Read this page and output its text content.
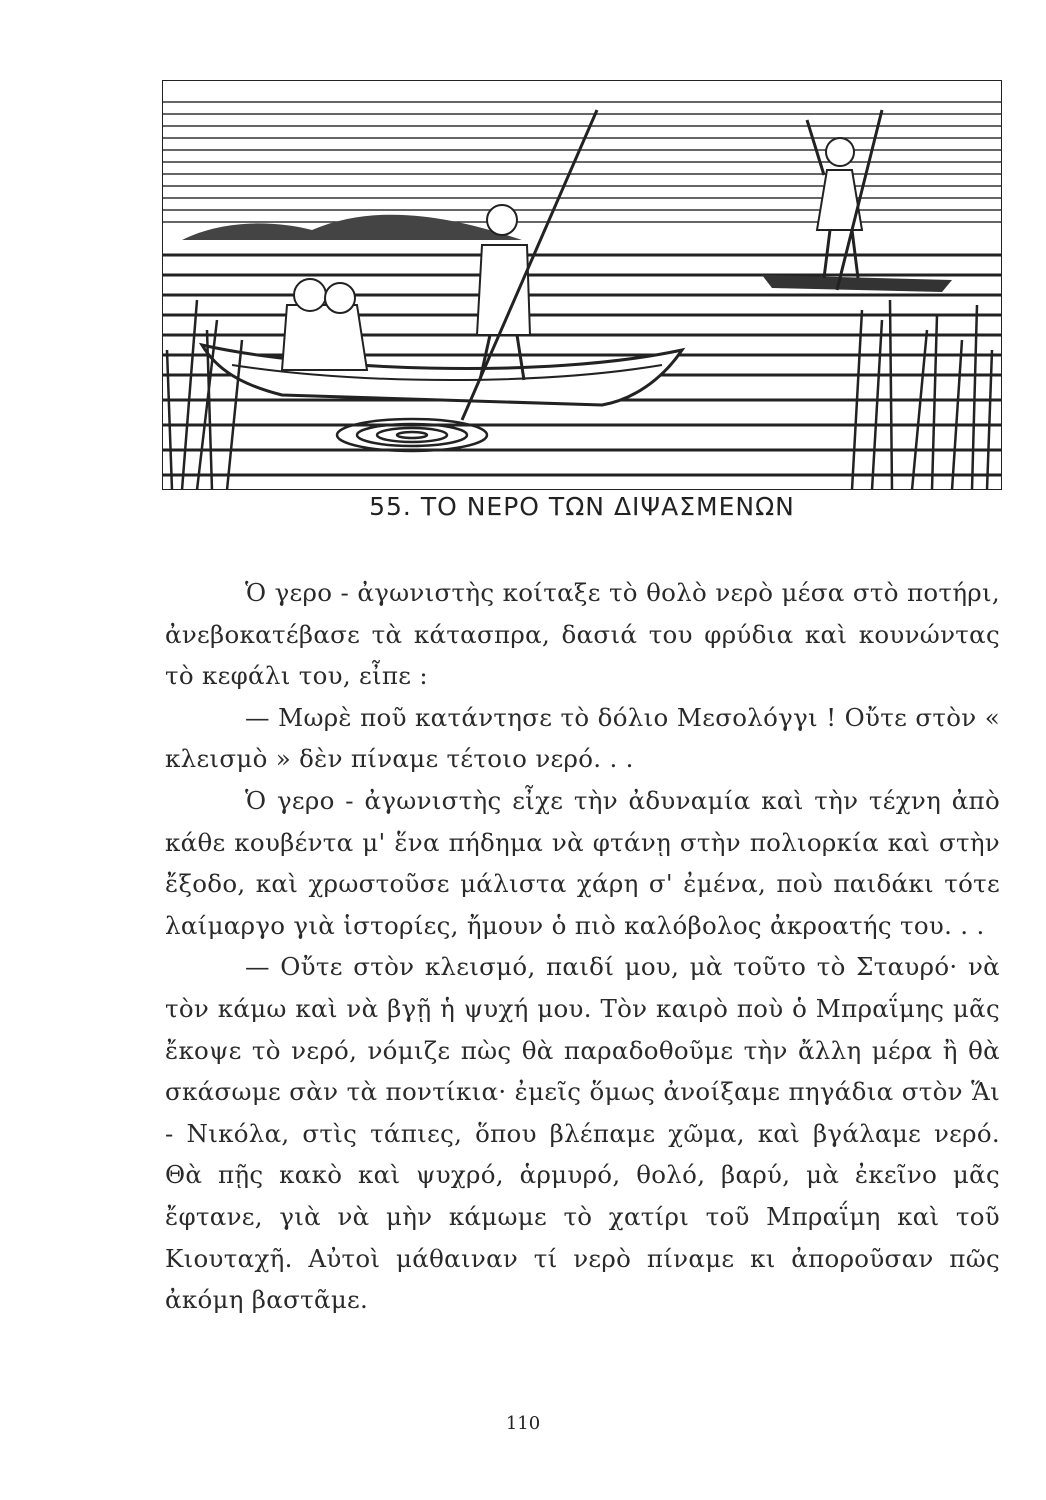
55. ΤΟ ΝΕΡΟ ΤΩΝ ΔΙΨΑΣΜΕΝΩΝ

Ὁ γερο - ἀγωνιστὴς κοίταξε τὸ θολὸ νερὸ μέσα στὸ ποτήρι, ἀνεβοκατέβασε τὰ κάτασπρα, δασιά του φρύδια καὶ κουνώντας τὸ κεφάλι του, εἶπε :

— Μωρὲ ποῦ κατάντησε τὸ δόλιο Μεσολόγγι ! Οὔτε στὸν « κλεισμὸ » δὲν πίναμε τέτοιο νερό. . .

Ὁ γερο - ἀγωνιστὴς εἶχε τὴν ἀδυναμία καὶ τὴν τέχνη ἀπὸ κάθε κουβέντα μ' ἕνα πήδημα νὰ φτάνῃ στὴν πολιορκία καὶ στὴν ἔξοδο, καὶ χρωστοῦσε μάλιστα χάρη σ' ἐμένα, ποὺ παιδάκι τότε λαίμαργο γιὰ ἱστορίες, ἤμουν ὁ πιὸ καλόβολος ἀκροατής του. . .

— Οὔτε στὸν κλεισμό, παιδί μου, μὰ τοῦτο τὸ Σταυρό· νὰ τὸν κάμω καὶ νὰ βγῇ ἡ ψυχή μου. Τὸν καιρὸ ποὺ ὁ Μπραΐμης μᾶς ἔκοψε τὸ νερό, νόμιζε πὼς θὰ παραδοθοῦμε τὴν ἄλλη μέρα ἢ θὰ σκάσωμε σὰν τὰ ποντίκια· ἐμεῖς ὅμως ἀνοίξαμε πηγάδια στὸν Ἅι - Νικόλα, στὶς τάπιες, ὅπου βλέπαμε χῶμα, καὶ βγάλαμε νερό. Θὰ πῇς κακὸ καὶ ψυχρό, ἁρμυρό, θολό, βαρύ, μὰ ἐκεῖνο μᾶς ἔφτανε, γιὰ νὰ μὴν κάμωμε τὸ χατίρι τοῦ Μπραΐμη καὶ τοῦ Κιουταχῆ. Αὐτοὶ μάθαιναν τί νερὸ πίναμε κι ἀποροῦσαν πῶς ἀκόμη βαστᾶμε.

110
